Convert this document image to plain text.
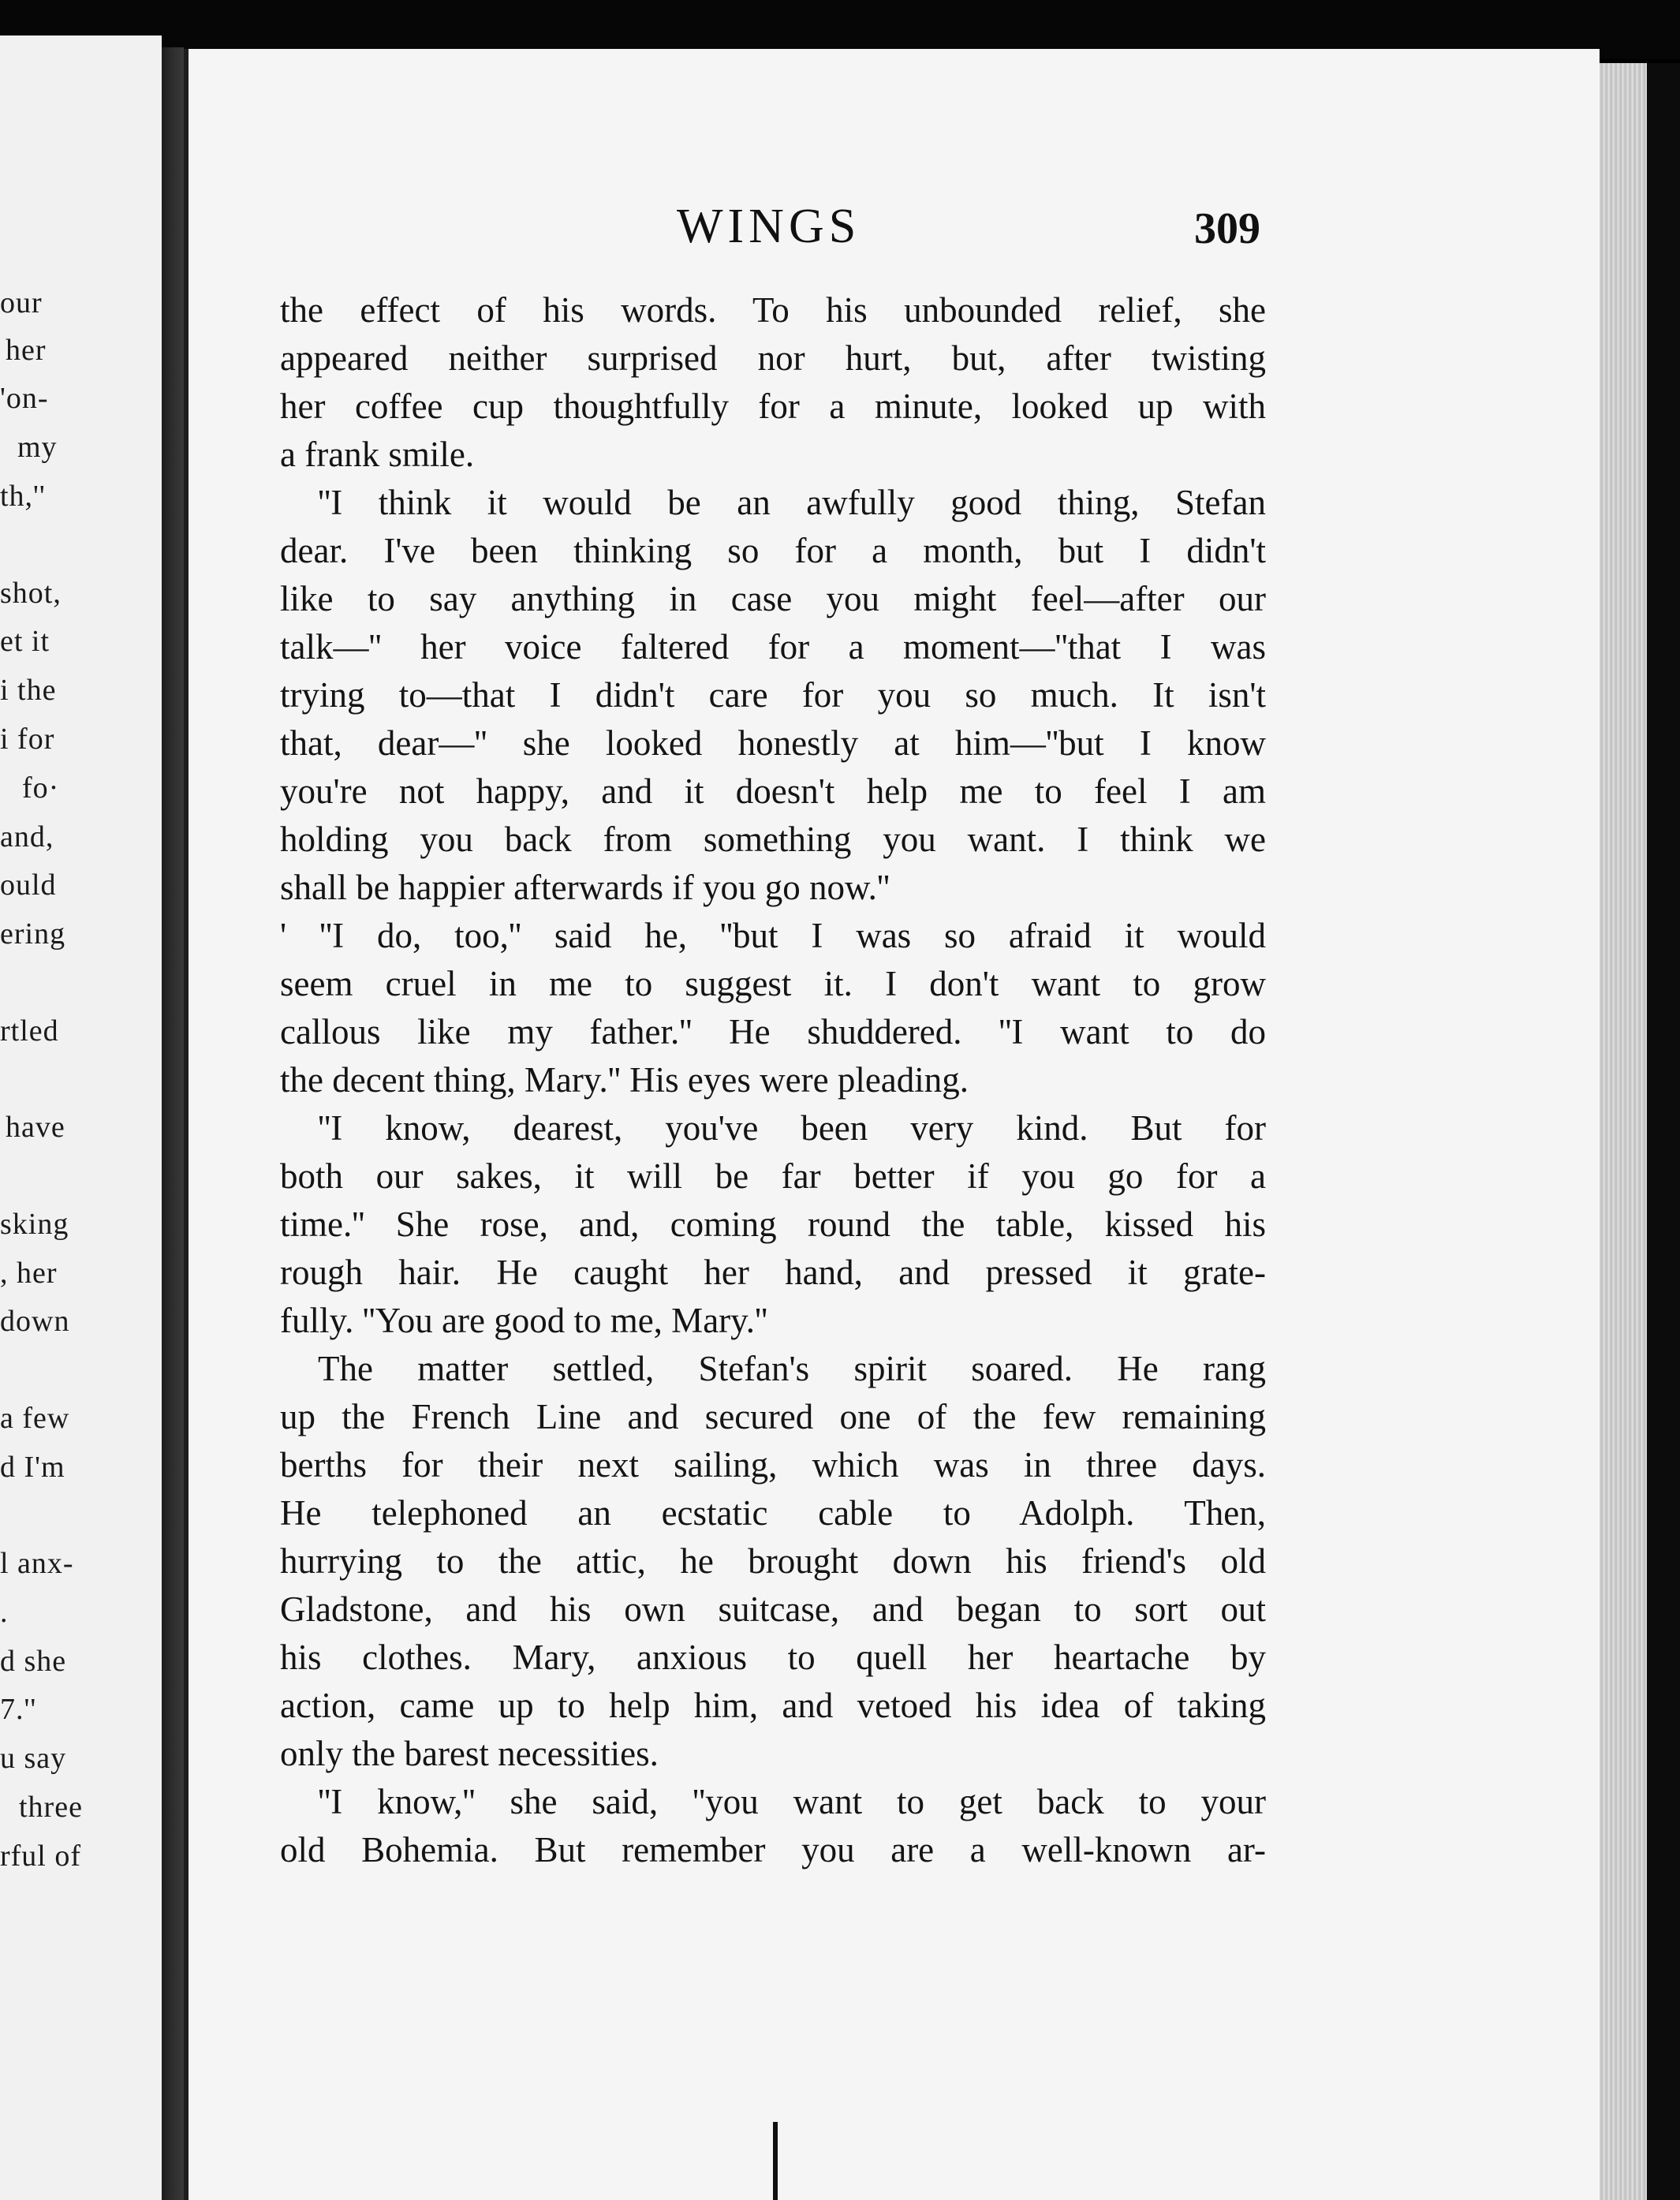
our
her
'on-
my
th,''
shot,
et it
i the
i for
fo·
and,
ould
ering
rtled
have
sking
, her
down
a few
d I'm
l anx-
.
d she
7.''
u say
three
rful of
WINGS	309
the effect of his words. To his unbounded relief, she
appeared neither surprised nor hurt, but, after twisting
her coffee cup thoughtfully for a minute, looked up with
a frank smile.
''I think it would be an awfully good thing, Stefan
dear. I've been thinking so for a month, but I didn't
like to say anything in case you might feel—after our
talk—'' her voice faltered for a moment—''that I was
trying to—that I didn't care for you so much. It isn't
that, dear—'' she looked honestly at him—''but I know
you're not happy, and it doesn't help me to feel I am
holding you back from something you want. I think we
shall be happier afterwards if you go now.''
' ''I do, too,'' said he, ''but I was so afraid it would
seem cruel in me to suggest it. I don't want to grow
callous like my father.'' He shuddered. ''I want to do
the decent thing, Mary.'' His eyes were pleading.
''I know, dearest, you've been very kind. But for
both our sakes, it will be far better if you go for a
time.'' She rose, and, coming round the table, kissed his
rough hair. He caught her hand, and pressed it grate-
fully. ''You are good to me, Mary.''
The matter settled, Stefan's spirit soared. He rang
up the French Line and secured one of the few remaining
berths for their next sailing, which was in three days.
He telephoned an ecstatic cable to Adolph. Then,
hurrying to the attic, he brought down his friend's old
Gladstone, and his own suitcase, and began to sort out
his clothes. Mary, anxious to quell her heartache by
action, came up to help him, and vetoed his idea of taking
only the barest necessities.
''I know,'' she said, ''you want to get back to your
old Bohemia. But remember you are a well-known ar-
